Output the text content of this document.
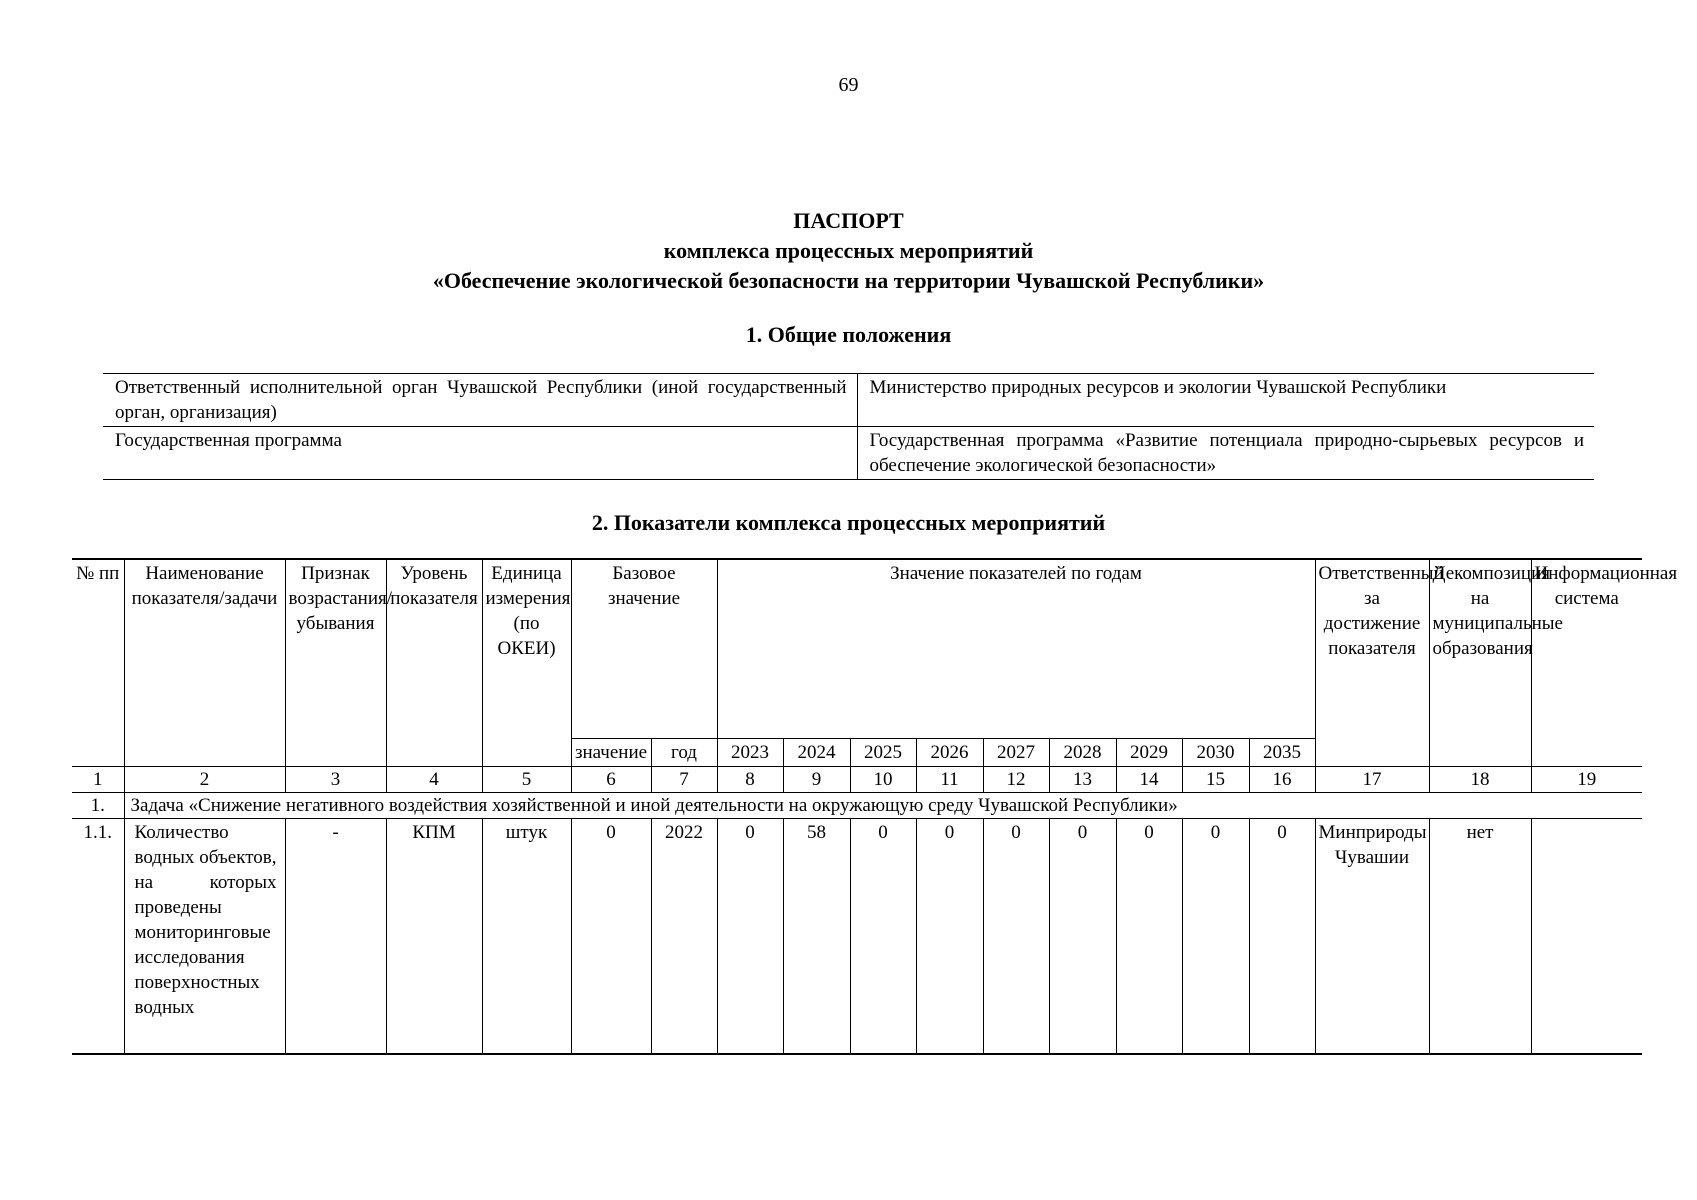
69
ПАСПОРТ
комплекса процессных мероприятий
«Обеспечение экологической безопасности на территории Чувашской Республики»
1. Общие положения
Ответственный исполнительной орган Чувашской Республики (иной государственный орган, организация)	Министерство природных ресурсов и экологии Чувашской Республики
Государственная программа	Государственная программа «Развитие потенциала природно-сырьевых ресурсов и обеспечение экологической безопасности»
2. Показатели комплекса процессных мероприятий
№ пп	Наименование показателя/задачи	Признак возрастания/ убывания	Уровень показателя	Единица измерения (по ОКЕИ)	Базовое значение		Значение показателей по годам									Ответственный за достижение показателя	Декомпозиция на муниципальные образования	Информационная система
					значение	год	2023	2024	2025	2026	2027	2028	2029	2030	2035			
1	2	3	4	5	6	7	8	9	10	11	12	13	14	15	16	17	18	19
1.	Задача «Снижение негативного воздействия хозяйственной и иной деятельности на окружающую среду Чувашской Республики»																	
1.1.	Количество водных объектов, на которых проведены мониторинговые исследования поверхностных водных	-	КПМ	штук	0	2022	0	58	0	0	0	0	0	0	0	Минприроды Чувашии	нет	
